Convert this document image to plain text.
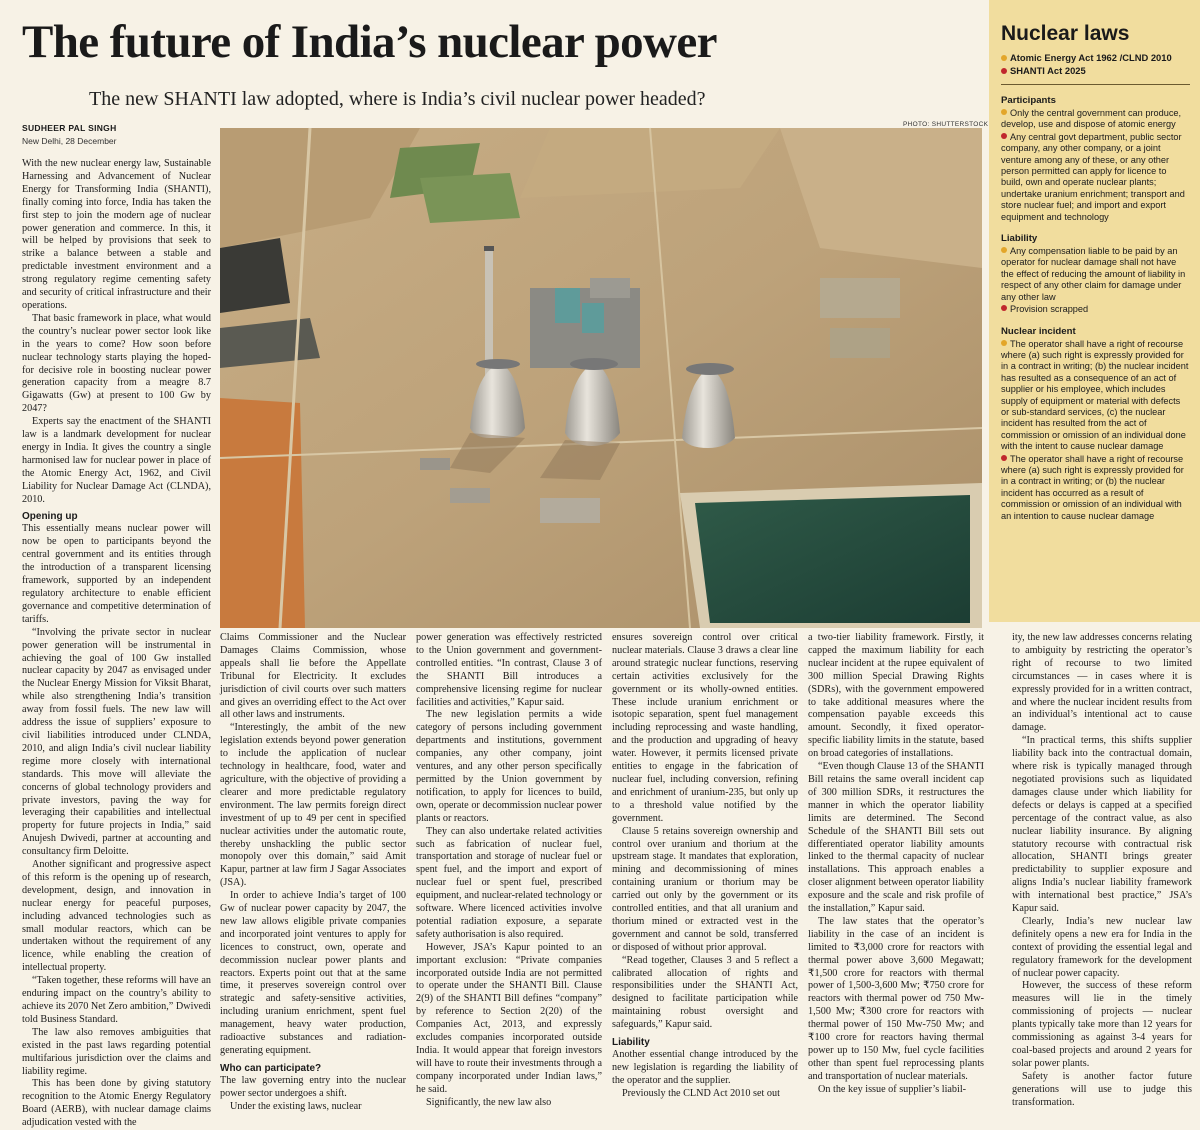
The future of India’s nuclear power
The new SHANTI law adopted, where is India’s civil nuclear power headed?
SUDHEER PAL SINGH
New Delhi, 28 December
PHOTO: SHUTTERSTOCK

With the new nuclear energy law, Sustainable Harnessing and Advancement of Nuclear Energy for Transforming India (SHANTI), finally coming into force, India has taken the first step to join the modern age of nuclear power generation and commerce. In this, it will be helped by provisions that seek to strike a balance between a stable and predictable investment environment and a strong regulatory regime cementing safety and security of critical infrastructure and their operations.

That basic framework in place, what would the country’s nuclear power sector look like in the years to come? How soon before nuclear technology starts playing the hoped-for decisive role in boosting nuclear power generation capacity from a meagre 8.7 Gigawatts (Gw) at present to 100 Gw by 2047?

Experts say the enactment of the SHANTI law is a landmark development for nuclear energy in India. It gives the country a single harmonised law for nuclear power in place of the Atomic Energy Act, 1962, and Civil Liability for Nuclear Damage Act (CLNDA), 2010.

Opening up

This essentially means nuclear power will now be open to participants beyond the central government and its entities through the introduction of a transparent licensing framework, supported by an independent regulatory architecture to enable efficient governance and competitive determination of tariffs.

“Involving the private sector in nuclear power generation will be instrumental in achieving the goal of 100 Gw installed nuclear capacity by 2047 as envisaged under the Nuclear Energy Mission for Viksit Bharat, while also strengthening India’s transition away from fossil fuels. The new law will address the issue of suppliers’ exposure to civil liabilities introduced under CLNDA, 2010, and align India’s civil nuclear liability regime more closely with international standards. This move will alleviate the concerns of global technology providers and private investors, paving the way for leveraging their capabilities and intellectual property for future projects in India,” said Anujesh Dwivedi, partner at accounting and consultancy firm Deloitte.

Another significant and progressive aspect of this reform is the opening up of research, development, design, and innovation in nuclear energy for peaceful purposes, including advanced technologies such as small modular reactors, which can be undertaken without the requirement of any licence, while enabling the creation of intellectual property.

“Taken together, these reforms will have an enduring impact on the country’s ability to achieve its 2070 Net Zero ambition,” Dwivedi told Business Standard.

The law also removes ambiguities that existed in the past laws regarding potential multifarious jurisdiction over the claims and liability regime.

This has been done by giving statutory recognition to the Atomic Energy Regulatory Board (AERB), with nuclear damage claims adjudication vested with the

Claims Commissioner and the Nuclear Damages Claims Commission, whose appeals shall lie before the Appellate Tribunal for Electricity. It excludes jurisdiction of civil courts over such matters and gives an overriding effect to the Act over all other laws and instruments.

“Interestingly, the ambit of the new legislation extends beyond power generation to include the application of nuclear technology in healthcare, food, water and agriculture, with the objective of providing a clearer and more predictable regulatory environment. The law permits foreign direct investment of up to 49 per cent in specified nuclear activities under the automatic route, thereby unshackling the public sector monopoly over this domain,” said Amit Kapur, partner at law firm J Sagar Associates (JSA).

In order to achieve India’s target of 100 Gw of nuclear power capacity by 2047, the new law allows eligible private companies and incorporated joint ventures to apply for licences to construct, own, operate and decommission nuclear power plants and reactors. Experts point out that at the same time, it preserves sovereign control over strategic and safety-sensitive activities, including uranium enrichment, spent fuel management, heavy water production, radioactive substances and radiation-generating equipment.

Who can participate?

The law governing entry into the nuclear power sector undergoes a shift.

Under the existing laws, nuclear

power generation was effectively restricted to the Union government and government-controlled entities. “In contrast, Clause 3 of the SHANTI Bill introduces a comprehensive licensing regime for nuclear facilities and activities,” Kapur said.

The new legislation permits a wide category of persons including government departments and institutions, government companies, any other company, joint ventures, and any other person specifically permitted by the Union government by notification, to apply for licences to build, own, operate or decommission nuclear power plants or reactors.

They can also undertake related activities such as fabrication of nuclear fuel, transportation and storage of nuclear fuel or spent fuel, and the import and export of nuclear fuel or spent fuel, prescribed equipment, and nuclear-related technology or software. Where licenced activities involve potential radiation exposure, a separate safety authorisation is also required.

However, JSA’s Kapur pointed to an important exclusion: “Private companies incorporated outside India are not permitted to operate under the SHANTI Bill. Clause 2(9) of the SHANTI Bill defines “company” by reference to Section 2(20) of the Companies Act, 2013, and expressly excludes companies incorporated outside India. It would appear that foreign investors will have to route their investments through a company incorporated under Indian laws,” he said.

Significantly, the new law also

ensures sovereign control over critical nuclear materials. Clause 3 draws a clear line around strategic nuclear functions, reserving certain activities exclusively for the government or its wholly-owned entities. These include uranium enrichment or isotopic separation, spent fuel management including reprocessing and waste handling, and the production and upgrading of heavy water. However, it permits licensed private entities to engage in the fabrication of nuclear fuel, including conversion, refining and enrichment of uranium-235, but only up to a threshold value notified by the government.

Clause 5 retains sovereign ownership and control over uranium and thorium at the upstream stage. It mandates that exploration, mining and decommissioning of mines containing uranium or thorium may be carried out only by the government or its controlled entities, and that all uranium and thorium mined or extracted vest in the government and cannot be sold, transferred or disposed of without prior approval.

“Read together, Clauses 3 and 5 reflect a calibrated allocation of rights and responsibilities under the SHANTI Act, designed to facilitate participation while maintaining robust oversight and safeguards,” Kapur said.

Liability

Another essential change introduced by the new legislation is regarding the liability of the operator and the supplier.

Previously the CLND Act 2010 set out

a two-tier liability framework. Firstly, it capped the maximum liability for each nuclear incident at the rupee equivalent of 300 million Special Drawing Rights (SDRs), with the government empowered to take additional measures where the compensation payable exceeds this amount. Secondly, it fixed operator-specific liability limits in the statute, based on broad categories of installations.

“Even though Clause 13 of the SHANTI Bill retains the same overall incident cap of 300 million SDRs, it restructures the manner in which the operator liability limits are determined. The Second Schedule of the SHANTI Bill sets out differentiated operator liability amounts linked to the thermal capacity of nuclear installations. This approach enables a closer alignment between operator liability exposure and the scale and risk profile of the installation,” Kapur said.

The law states that the operator’s liability in the case of an incident is limited to ₹3,000 crore for reactors with thermal power above 3,600 Megawatt; ₹1,500 crore for reactors with thermal power of 1,500-3,600 Mw; ₹750 crore for reactors with thermal power od 750 Mw-1,500 Mw; ₹300 crore for reactors with thermal power of 150 Mw-750 Mw; and ₹100 crore for reactors having thermal power up to 150 Mw, fuel cycle facilities other than spent fuel reprocessing plants and transportation of nuclear materials.

On the key issue of supplier’s liabil-

ity, the new law addresses concerns relating to ambiguity by restricting the operator’s right of recourse to two limited circumstances — in cases where it is expressly provided for in a written contract, and where the nuclear incident results from an individual’s intentional act to cause damage.

“In practical terms, this shifts supplier liability back into the contractual domain, where risk is typically managed through negotiated provisions such as liquidated damages clause under which liability for defects or delays is capped at a specified percentage of the contract value, as also nuclear liability insurance. By aligning statutory recourse with contractual risk allocation, SHANTI brings greater predictability to supplier exposure and aligns India’s nuclear liability framework with international best practice,” JSA’s Kapur said.

Clearly, India’s new nuclear law definitely opens a new era for India in the context of providing the essential legal and regulatory framework for the development of nuclear power capacity.

However, the success of these reform measures will lie in the timely commissioning of projects — nuclear plants typically take more than 12 years for commissioning as against 3-4 years for coal-based projects and around 2 years for solar power plants.

Safety is another factor future generations will use to judge this transformation.

Nuclear laws
Atomic Energy Act 1962 /CLND 2010
SHANTI Act 2025
Participants
Only the central government can produce, develop, use and dispose of atomic energy
Any central govt department, public sector company, any other company, or a joint venture among any of these, or any other person permitted can apply for licence to build, own and operate nuclear plants; undertake uranium enrichment; transport and store nuclear fuel; and import and export equipment and technology
Liability
Any compensation liable to be paid by an operator for nuclear damage shall not have the effect of reducing the amount of liability in respect of any other claim for damage under any other law
Provision scrapped
Nuclear incident
The operator shall have a right of recourse where (a) such right is expressly provided for in a contract in writing; (b) the nuclear incident has resulted as a consequence of an act of supplier or his employee, which includes supply of equipment or material with defects or sub-standard services, (c) the nuclear incident has resulted from the act of commission or omission of an individual done with the intent to cause nuclear damage
The operator shall have a right of recourse where (a) such right is expressly provided for in a contract in writing; or (b) the nuclear incident has occurred as a result of commission or omission of an individual with an intention to cause nuclear damage
